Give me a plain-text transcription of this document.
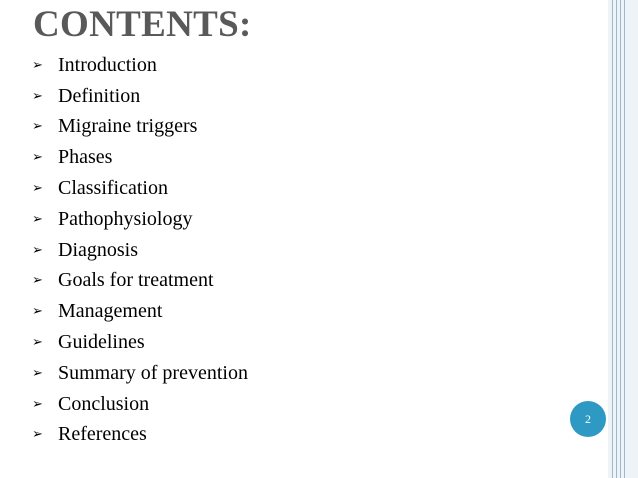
CONTENTS:
➢ Introduction
➢ Definition
➢ Migraine triggers
➢ Phases
➢ Classification
➢ Pathophysiology
➢ Diagnosis
➢ Goals for treatment
➢ Management
➢ Guidelines
➢ Summary of prevention
➢ Conclusion
➢ References
2
